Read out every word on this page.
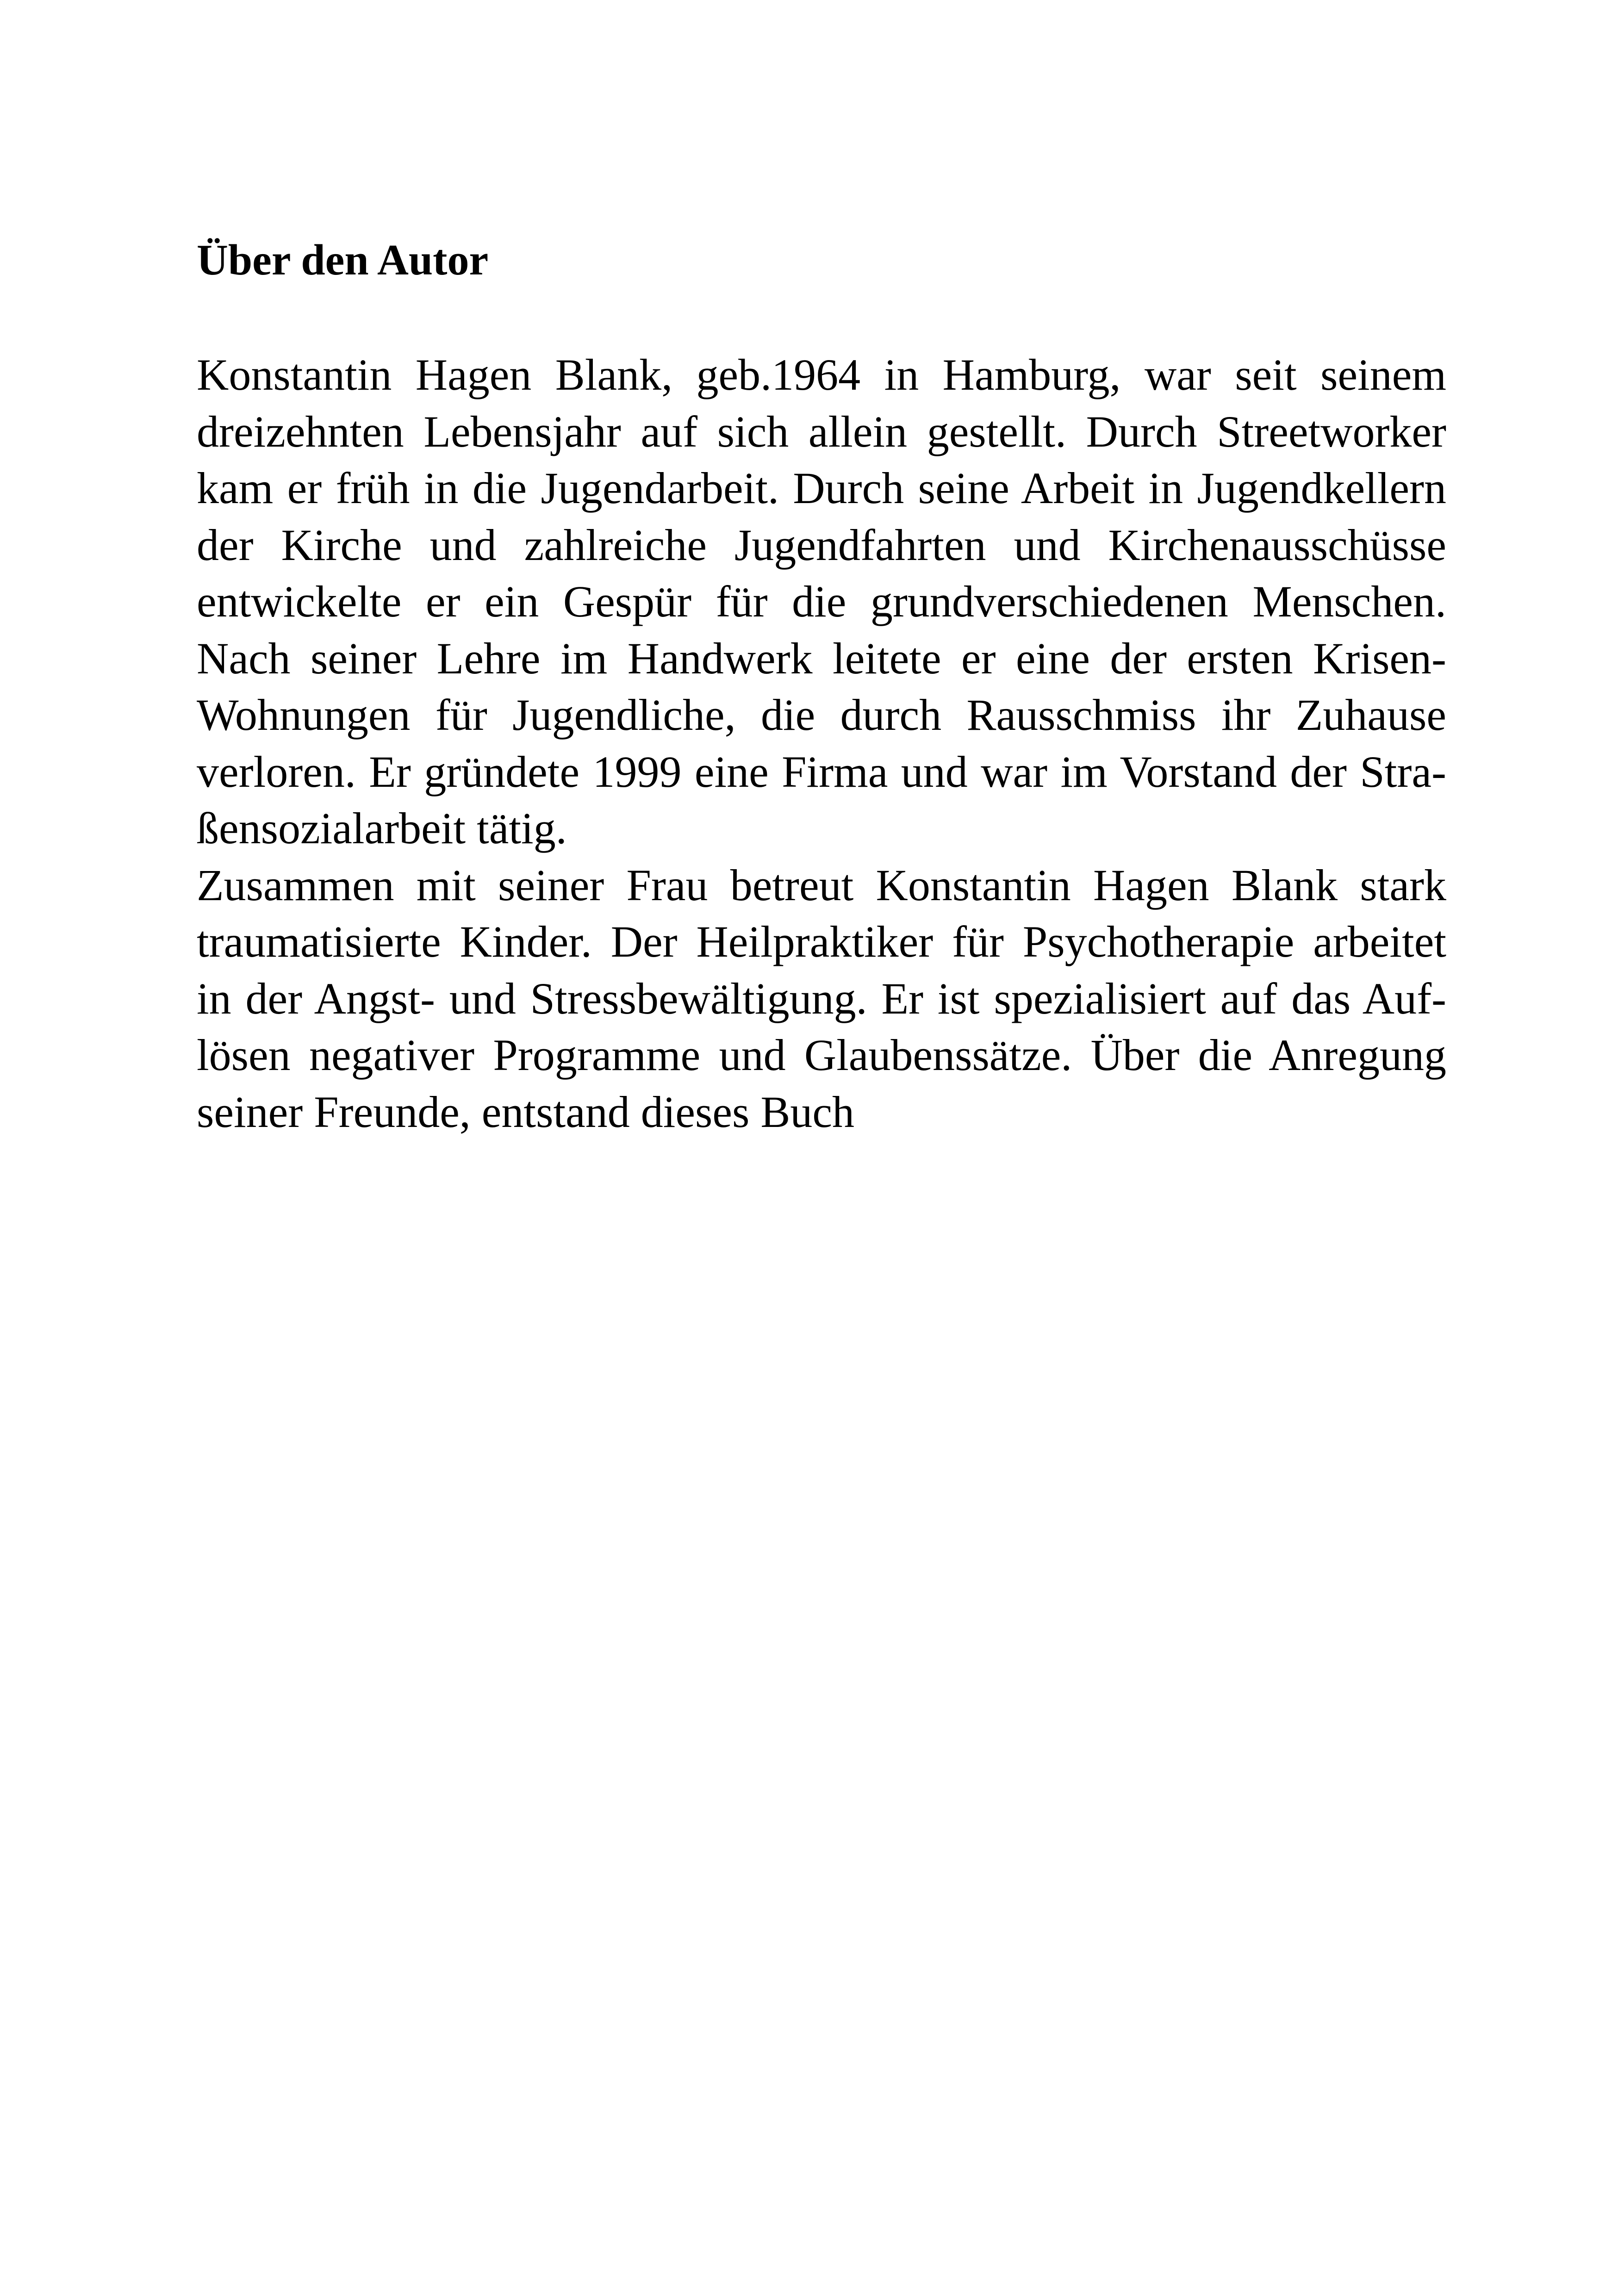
Über den Autor
Konstantin Hagen Blank, geb.1964 in Hamburg, war seit seinem
dreizehnten Lebensjahr auf sich allein gestellt. Durch Streetworker
kam er früh in die Jugendarbeit. Durch seine Arbeit in Jugendkellern
der Kirche und zahlreiche Jugendfahrten und Kirchenausschüsse
entwickelte er ein Gespür für die grundverschiedenen Menschen.
Nach seiner Lehre im Handwerk leitete er eine der ersten Krisen-
Wohnungen für Jugendliche, die durch Rausschmiss ihr Zuhause
verloren. Er gründete 1999 eine Firma und war im Vorstand der Stra-
ßensozialarbeit tätig.
Zusammen mit seiner Frau betreut Konstantin Hagen Blank stark
traumatisierte Kinder. Der Heilpraktiker für Psychotherapie arbeitet
in der Angst- und Stressbewältigung. Er ist spezialisiert auf das Auf-
lösen negativer Programme und Glaubenssätze. Über die Anregung
seiner Freunde, entstand dieses Buch
